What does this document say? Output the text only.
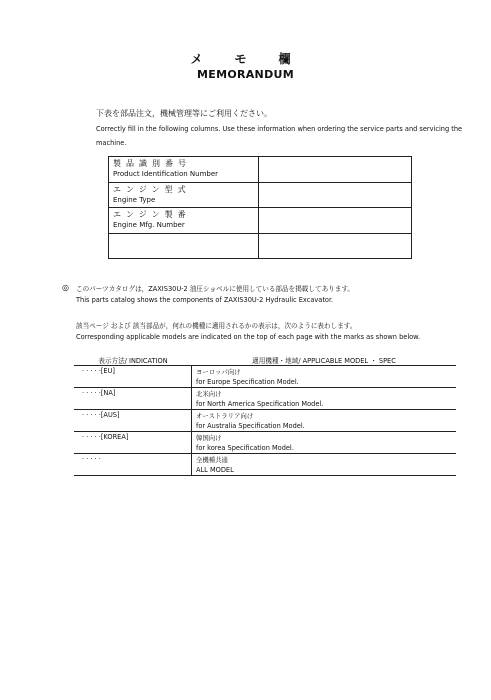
メ　モ　欄
MEMORANDUM
下表を部品注文，機械管理等にご利用ください。
Correctly fill in the following columns. Use these information when ordering the service parts and servicing the machine.
製品識別番号
Product Identification Number
エンジン型式
Engine Type
エンジン製番
Engine Mfg. Number
◎ このパーツカタログは，ZAXIS30U-2 油圧ショベルに使用している部品を掲載してあります。
This parts catalog shows the components of ZAXIS30U-2 Hydraulic Excavator.
該当ページ および 該当部品が，何れの機種に適用されるかの表示は，次のように表わします。
Corresponding applicable models are indicated on the top of each page with the marks as shown below.
表示方法/ INDICATION	適用機種・地域/ APPLICABLE MODEL ・ SPEC
· · · · ·[EU]	ヨーロッパ向け
for Europe Specification Model.
· · · · ·[NA]	北米向け
for North America Specification Model.
· · · · ·[AUS]	オーストラリア向け
for Australia Specification Model.
· · · · ·[KOREA]	韓国向け
for korea Specification Model.
· · · · ·	全機種共通
ALL MODEL
